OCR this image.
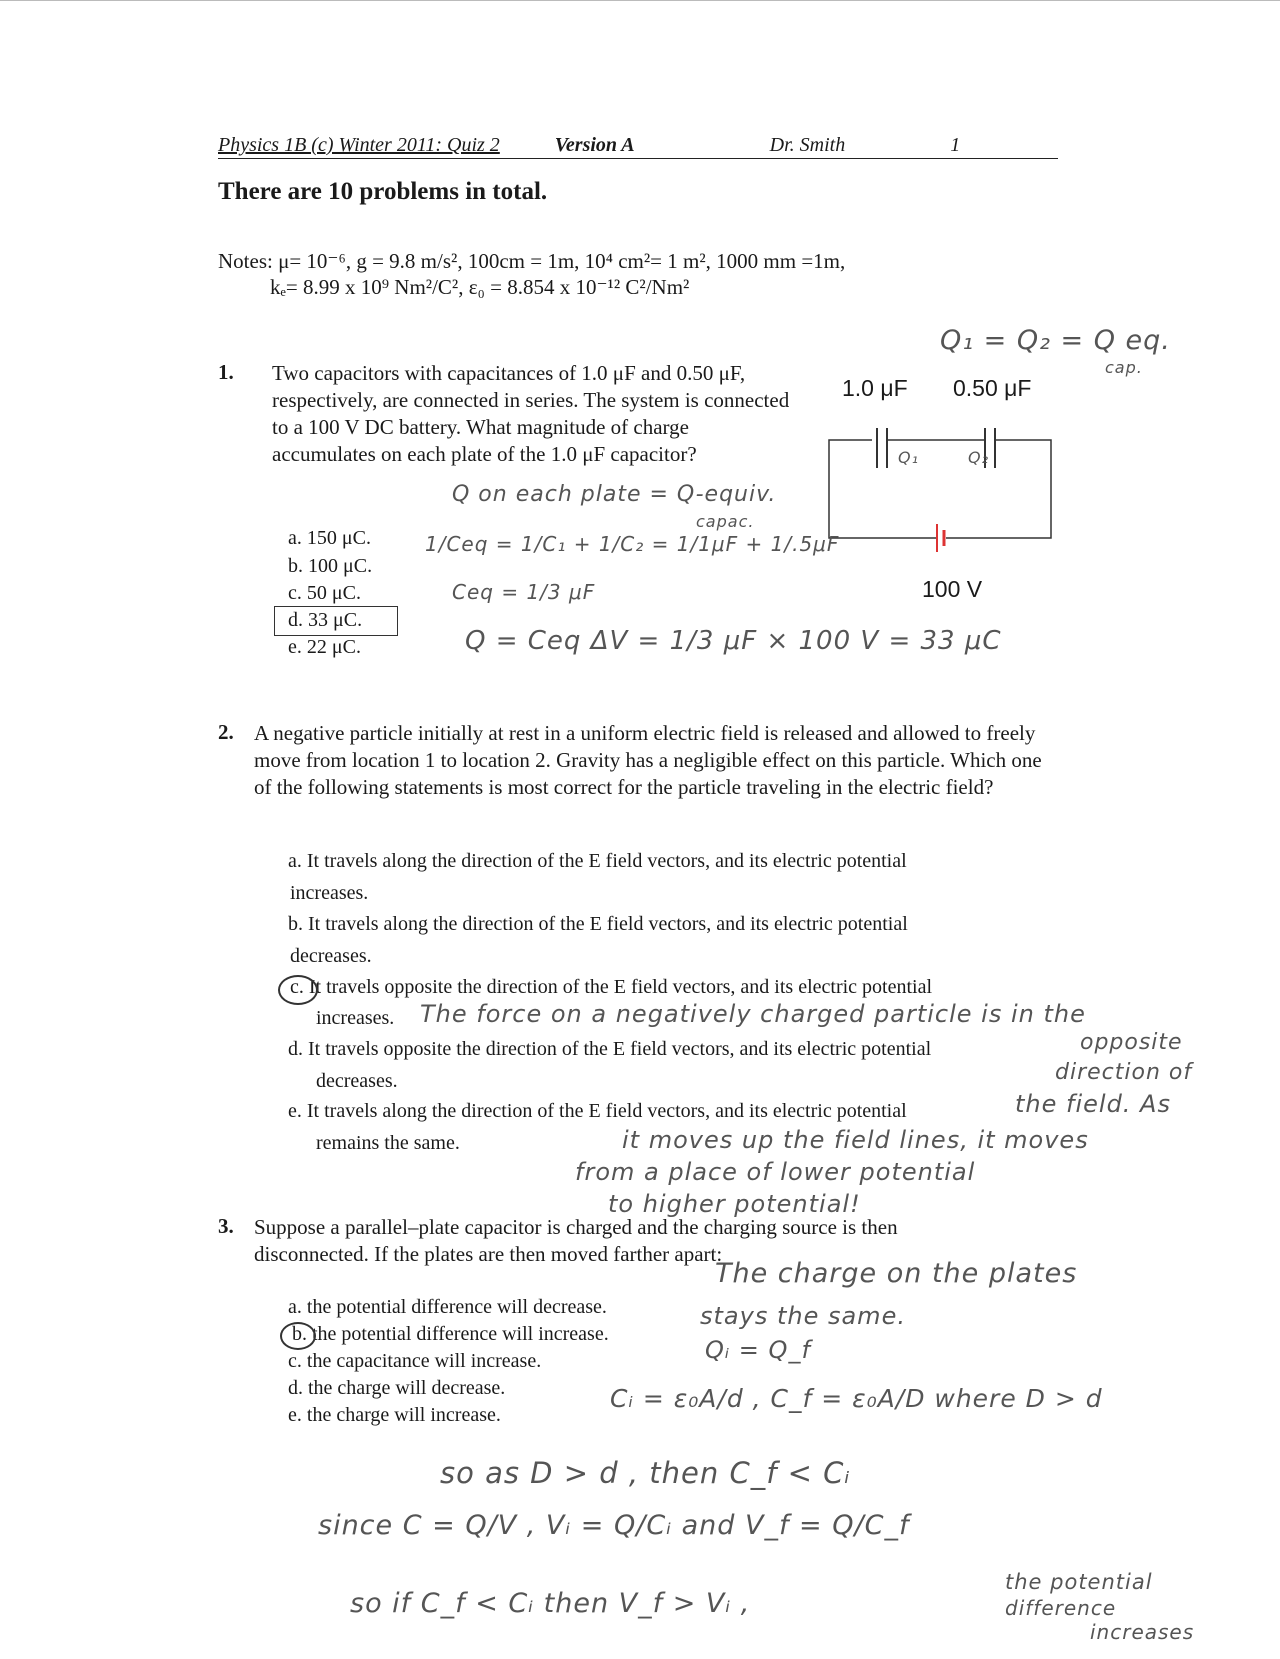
Physics 1B (c) Winter 2011: Quiz 2	Version A	Dr. Smith	1
There are 10 problems in total.
Notes: μ= 10⁻⁶, g = 9.8 m/s², 100cm = 1m, 10⁴ cm²= 1 m², 1000 mm =1m,
kₑ= 8.99 x 10⁹ Nm²/C², ε₀ = 8.854 x 10⁻¹² C²/Nm²
1. Two capacitors with capacitances of 1.0 μF and 0.50 μF, respectively, are connected in series. The system is connected to a 100 V DC battery. What magnitude of charge accumulates on each plate of the 1.0 μF capacitor?
a. 150 μC.
b. 100 μC.
c. 50 μC.
d. 33 μC.
e. 22 μC.
1.0 μF 0.50 μF
Q₁	Q₂
100 V
Q₁ = Q₂ = Q eq.
cap.
Q on each plate = Q-equiv.
capac.
1/Ceq = 1/C₁ + 1/C₂ = 1/1μF + 1/.5μF
Ceq = 1/3 μF
Q = Ceq ΔV = 1/3 μF × 100 V = 33 μC
2. A negative particle initially at rest in a uniform electric field is released and allowed to freely move from location 1 to location 2. Gravity has a negligible effect on this particle. Which one of the following statements is most correct for the particle traveling in the electric field?
a. It travels along the direction of the E field vectors, and its electric potential
increases.
b. It travels along the direction of the E field vectors, and its electric potential
decreases.
c. It travels opposite the direction of the E field vectors, and its electric potential
increases.
d. It travels opposite the direction of the E field vectors, and its electric potential
decreases.
e. It travels along the direction of the E field vectors, and its electric potential
remains the same.
The force on a negatively charged particle is in the
opposite
direction of
the field. As
it moves up the field lines, it moves
from a place of lower potential
to higher potential!
3. Suppose a parallel–plate capacitor is charged and the charging source is then disconnected. If the plates are then moved farther apart:
a. the potential difference will decrease.
b. the potential difference will increase.
c. the capacitance will increase.
d. the charge will decrease.
e. the charge will increase.
The charge on the plates
stays the same.
Qᵢ = Q_f
Cᵢ = ε₀A/d , C_f = ε₀A/D where D > d
so as D > d , then C_f < Cᵢ
since C = Q/V , Vᵢ = Q/Cᵢ and V_f = Q/C_f
so if C_f < Cᵢ then V_f > Vᵢ ,
the potential
difference
increases
